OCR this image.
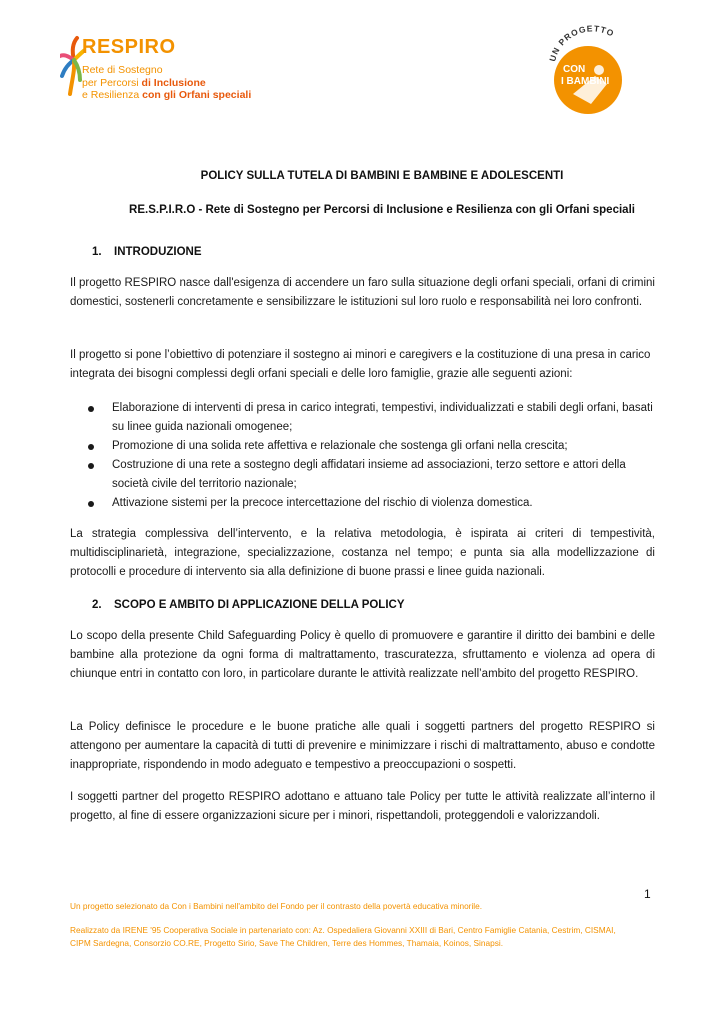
RESPIRO
Rete di Sostegno
per Percorsi di Inclusione
e Resilienza con gli Orfani speciali
UN PROGETTO
CON
I BAMBINI
POLICY SULLA TUTELA DI BAMBINI E BAMBINE E ADOLESCENTI
RE.S.P.I.R.O - Rete di Sostegno per Percorsi di Inclusione e Resilienza con gli Orfani speciali
1. INTRODUZIONE
Il progetto RESPIRO nasce dall'esigenza di accendere un faro sulla situazione degli orfani speciali, orfani di crimini domestici, sostenerli concretamente e sensibilizzare le istituzioni sul loro ruolo e responsabilità nei loro confronti.
Il progetto si pone l’obiettivo di potenziare il sostegno ai minori e caregivers e la costituzione di una presa in carico integrata dei bisogni complessi degli orfani speciali e delle loro famiglie, grazie alle seguenti azioni:
Elaborazione di interventi di presa in carico integrati, tempestivi, individualizzati e stabili degli orfani, basati su linee guida nazionali omogenee;
Promozione di una solida rete affettiva e relazionale che sostenga gli orfani nella crescita;
Costruzione di una rete a sostegno degli affidatari insieme ad associazioni, terzo settore e attori della società civile del territorio nazionale;
Attivazione sistemi per la precoce intercettazione del rischio di violenza domestica.
La strategia complessiva dell’intervento, e la relativa metodologia, è ispirata ai criteri di tempestività, multidisciplinarietà, integrazione, specializzazione, costanza nel tempo; e punta sia alla modellizzazione di protocolli e procedure di intervento sia alla definizione di buone prassi e linee guida nazionali.
2. SCOPO E AMBITO DI APPLICAZIONE DELLA POLICY
Lo scopo della presente Child Safeguarding Policy è quello di promuovere e garantire il diritto dei bambini e delle bambine alla protezione da ogni forma di maltrattamento, trascuratezza, sfruttamento e violenza ad opera di chiunque entri in contatto con loro, in particolare durante le attività realizzate nell’ambito del progetto RESPIRO.
La Policy definisce le procedure e le buone pratiche alle quali i soggetti partners del progetto RESPIRO si attengono per aumentare la capacità di tutti di prevenire e minimizzare i rischi di maltrattamento, abuso e condotte inappropriate, rispondendo in modo adeguato e tempestivo a preoccupazioni o sospetti.
I soggetti partner del progetto RESPIRO adottano e attuano tale Policy per tutte le attività realizzate all’interno il progetto, al fine di essere organizzazioni sicure per i minori, rispettandoli, proteggendoli e valorizzandoli.
1
Un progetto selezionato da Con i Bambini nell'ambito del Fondo per il contrasto della povertà educativa minorile.
Realizzato da IRENE '95 Cooperativa Sociale in partenariato con: Az. Ospedaliera Giovanni XXIII di Bari, Centro Famiglie Catania, Cestrim, CISMAI,
CIPM Sardegna, Consorzio CO.RE, Progetto Sirio, Save The Children, Terre des Hommes, Thamaia, Koinos, Sinapsi.
